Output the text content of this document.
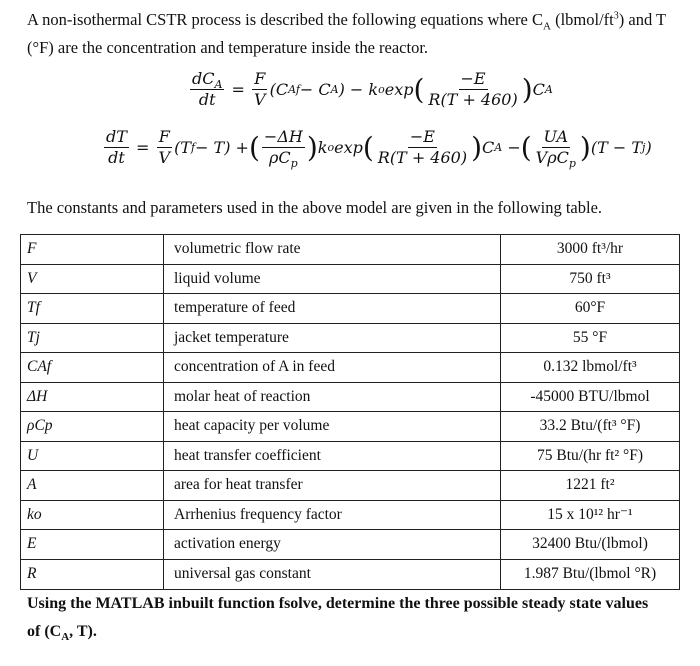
A non-isothermal CSTR process is described the following equations where $C_A$ $(lbmol/ft^3)$ and T
(°F) are the concentration and temperature inside the reactor.
$\frac{dC_A}{dt} = \frac{F}{V} (C$ Af − C A ) − k o exp ( $\frac{-E}{R(T + 460)}$ ) C A
$\frac{dT}{dt} = \frac{F}{V} (T$ f − T) + ( $\frac{-\Delta H}{\rho C_p}$ ) k o exp ( $\frac{-E}{R(T + 460)}$ ) C A
− ( $\frac{UA}{V\rho C_p}$ ) (T − T j )
The constants and parameters used in the above model are given in the following table.
F	volumetric flow rate	3000 ft³/hr
V	liquid volume	750 ft³
Tf	temperature of feed	60°F
Tj	jacket temperature	55 °F
CAf	concentration of A in feed	0.132 lbmol/ft³
ΔH	molar heat of reaction	-45000 BTU/lbmol
ρCp	heat capacity per volume	33.2 Btu/(ft³ °F)
U	heat transfer coefficient	75 Btu/(hr ft² °F)
A	area for heat transfer	1221 ft²
ko	Arrhenius frequency factor	15 x 10¹² hr⁻¹
E	activation energy	32400 Btu/(lbmol)
R	universal gas constant	1.987 Btu/(lbmol °R)
Using the MATLAB inbuilt function fsolve, determine the three possible steady state values
of ($C_A$, T).
